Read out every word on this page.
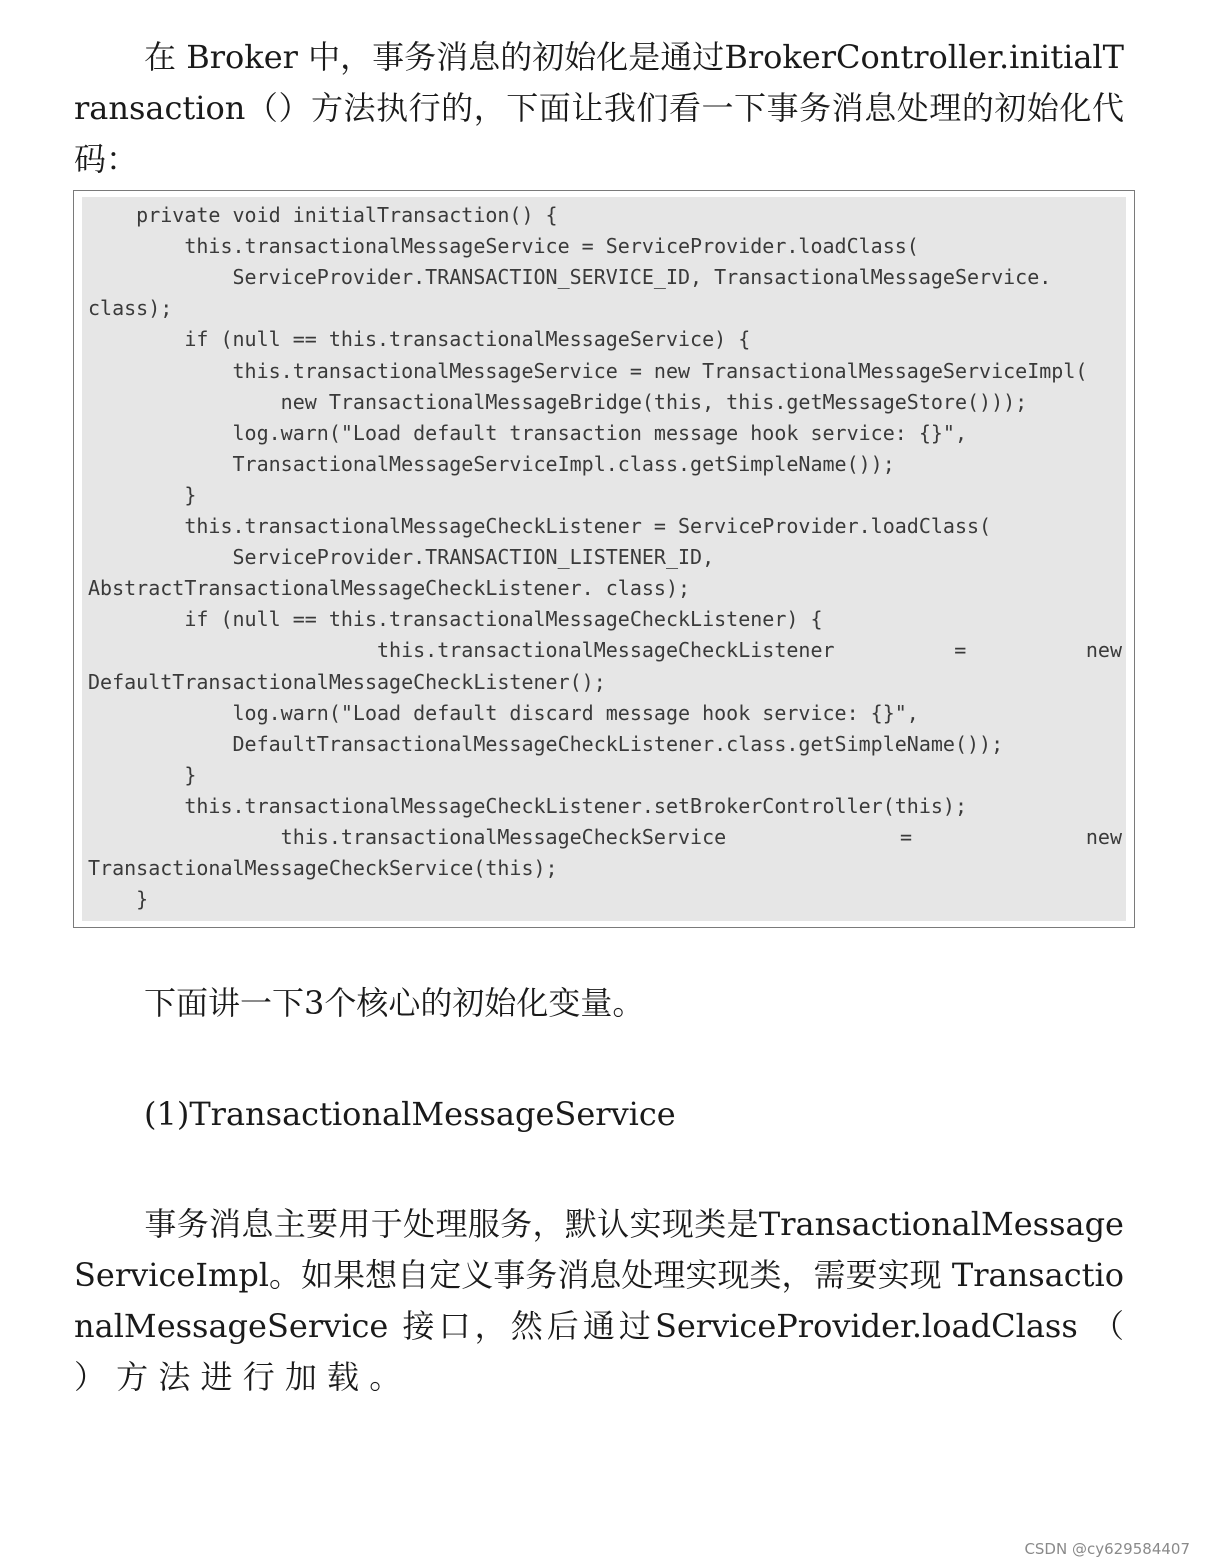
在 Broker 中，事务消息的初始化是通过BrokerController.initialTransaction（）方法执行的，下面让我们看一下事务消息处理的初始化代码：

private void initialTransaction() {
this.transactionalMessageService = ServiceProvider.loadClass(
ServiceProvider.TRANSACTION_SERVICE_ID, TransactionalMessageService.
class);
if (null == this.transactionalMessageService) {
this.transactionalMessageService = new TransactionalMessageServiceImpl(
new TransactionalMessageBridge(this, this.getMessageStore()));
log.warn("Load default transaction message hook service: {}",
TransactionalMessageServiceImpl.class.getSimpleName());
}
this.transactionalMessageCheckListener = ServiceProvider.loadClass(
ServiceProvider.TRANSACTION_LISTENER_ID,
AbstractTransactionalMessageCheckListener. class);
if (null == this.transactionalMessageCheckListener) {
this.transactionalMessageCheckListener	=	new
DefaultTransactionalMessageCheckListener();
log.warn("Load default discard message hook service: {}",
DefaultTransactionalMessageCheckListener.class.getSimpleName());
}
this.transactionalMessageCheckListener.setBrokerController(this);
this.transactionalMessageCheckService	=	new
TransactionalMessageCheckService(this);
}

下面讲一下3个核心的初始化变量。

(1)TransactionalMessageService

事务消息主要用于处理服务，默认实现类是TransactionalMessageServiceImpl。如果想自定义事务消息处理实现类，需要实现 TransactionalMessageService 接口，然后通过ServiceProvider.loadClass （ ） 方 法 进 行 加 载 。

CSDN @cy629584407
